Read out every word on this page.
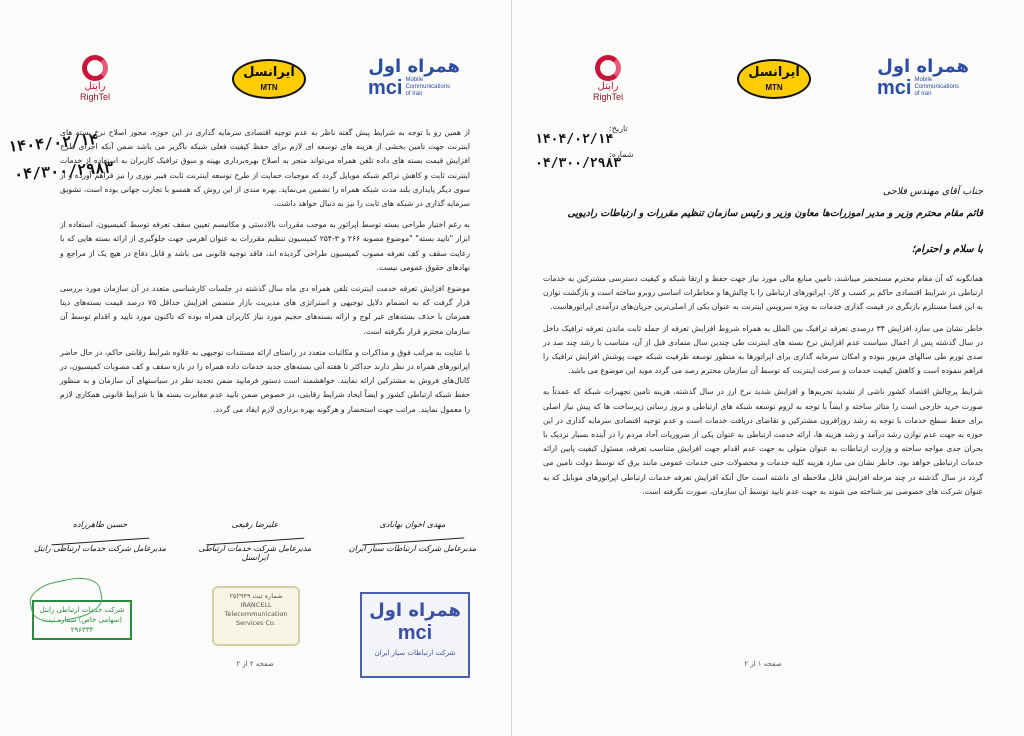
رایتل
RighTel
ایرانسل
MTN
همراه اول
mci Mobile Communications of Iran
۱۴۰۴/۰۲/۱۴
۰۴/۳۰۰/۲۹۸۳

از همین رو با توجه به شرایط پیش گفته ناظر به عدم توجیه اقتصادی سرمایه گذاری در این حوزه، مجوز اصلاح نرخ بسته های اینترنت جهت تامین بخشی از هزینه های توسعه ای لازم برای حفظ کیفیت فعلی شبکه ناگزیر می باشد ضمن آنکه اجرای طرح افزایش قیمت بسته های داده تلفن همراه می‌تواند منجر به اصلاح بهره‌برداری بهینه و سوق ترافیک کاربران به استفاده از خدمات اینترنت ثابت و کاهش تراکم شبکه موبایل گردد که موجبات حمایت از طرح توسعه اینترنت ثابت فیبر نوری را نیز فراهم آورده و از سوی دیگر پایداری بلند مدت شبکه همراه را تضمین می‌نماید. بهره مندی از این روش که همسو با تجارب جهانی بوده است، تشویق سرمایه گذاری در شبکه های ثابت را نیز به دنبال خواهد داشت.

به رغم اختیار طراحی بسته توسط اپراتور به موجب مقررات بالادستی و مکانیسم تعیین سقف تعرفه توسط کمیسیون، استفاده از ابزار "تایید بسته" "موضوع مصوبه ۲۶۶ و ۳-۲۵۴ کمیسیون تنظیم مقررات به عنوان اهرمی جهت جلوگیری از ارائه بسته هایی که با رعایت سقف و کف تعرفه مصوب کمیسیون طراحی گردیده اند، فاقد توجیه قانونی می باشد و قابل دفاع در هیچ یک از مراجع و نهادهای حقوق عمومی نیست.

موضوع افزایش تعرفه خدمت اینترنت تلفن همراه دی ماه سال گذشته در جلسات کارشناسی متعدد در آن سازمان مورد بررسی قرار گرفت که به انضمام دلایل توجیهی و استراتژی های مدیریت بازار متضمن افزایش حداقل ۷۵ درصد قیمت بسته‌های دیتا همزمان با حذف بسته‌های غیر لوج و ارائه بسته‌های حجیم مورد نیاز کاربران همراه بوده که تاکنون مورد تایید و اقدام توسط آن سازمان محترم قرار نگرفته است.

با عنایت به مراتب فوق و مذاکرات و مکاتبات متعدد در راستای ارائه مستندات توجیهی به علاوه شرایط رقابتی حاکم، در حال حاضر اپراتورهای همراه در نظر دارند حداکثر تا هفته آتی بسته‌های جدید خدمات داده همراه را در بازه سقف و کف مصوبات کمیسیون، در کانال‌های فروش به مشترکین ارائه نمایند. خواهشمند است دستور فرمایید ضمن تجدید نظر در سیاستهای آن سازمان و به منظور حفظ شبکه ارتباطی کشور و ایضاً ایجاد شرایط رقابتی، در خصوص ضمن تایید عدم مغایرت بسته ها با شرایط قانونی همکاری لازم را معمول نمایند. مراتب جهت استحضار و هرگونه بهره برداری لازم ایفاد می گردد.

حسین طاهرزاده
مدیرعامل شرکت خدمات ارتباطی رایتل
علیرضا رفیعی
مدیرعامل شرکت خدمات ارتباطی ایرانسل
مهدی اخوان بهابادی
مدیرعامل شرکت ارتباطات سیار ایران
شرکت خدمات ارتباطی رایتل (سهامی خاص) شماره ثبت: ۲۹۶۳۳۴
شماره ثبت ۲۵۲۹۴۹
IRANCELL Telecommunication Services Co.
همراه اول
mci
شرکت ارتباطات سیار ایران
صفحه ۲ از ۲
رایتل
RighTel
ایرانسل
MTN
همراه اول
mci Mobile Communications of Iran
تاریخ:
شماره:
۱۴۰۴/۰۲/۱۴
۰۴/۳۰۰/۲۹۸۳
جناب آقای مهندس فلاحی
قائم مقام محترم وزیر و مدیر اموزرات‌ها معاون وزیر و رئیس سازمان تنظیم مقررات و ارتباطات رادیویی
با سلام و احترام؛

همانگونه که آن مقام محترم مستحضر میباشند، تامین منابع مالی مورد نیاز جهت حفظ و ارتقا شبکه و کیفیت دسترسی مشترکین به خدمات ارتباطی در شرایط اقتصادی حاکم بر کسب و کار، اپراتورهای ارتباطی را با چالش‌ها و مخاطرات اساسی روبرو ساخته است و بازگشت توازن به این فضا مستلزم بازنگری در قیمت گذاری خدمات به ویژه سرویس اینترنت به عنوان یکی از اصلی‌ترین جریان‌های درآمدی اپراتورهاست.

خاطر نشان می سازد افزایش ۳۴ درصدی تعرفه ترافیک بین الملل به همراه شروط افزایش تعرفه از جمله ثابت ماندن تعرفه ترافیک داخل در سال گذشته پس از اعمال سیاست عدم افزایش نرخ بسته های اینترنت طی چندین سال متمادی قبل از آن، متناسب با رشد چند صد در صدی تورم طی سالهای مزبور نبوده و امکان سرمایه گذاری برای اپراتورها به منظور توسعه ظرفیت شبکه جهت پوشش افزایش ترافیک را فراهم ننموده است و کاهش کیفیت خدمات و سرعت اینترنت که توسط آن سازمان محترم رصد می گردد موید این موضوع می باشد.

شرایط پرچالش اقتصاد کشور ناشی از تشدید تحریم‌ها و افزایش شدید نرخ ارز در سال گذشته، هزینه تامین تجهیزات شبکه که عمدتاً به صورت خرید خارجی است را متاثر ساخته و ایضاً با توجه به لزوم توسعه شبکه های ارتباطی و بروز رسانی زیرساخت ها که پیش نیاز اصلی برای حفظ سطح خدمات با توجه به رشد روزافزون مشترکین و تقاضای دریافت خدمات است و عدم توجیه اقتصادی سرمایه گذاری در این حوزه به جهت عدم توازن رشد درآمد و رشد هزینه ها، ارائه خدمت ارتباطی به عنوان یکی از ضروریات آحاد مردم را در آینده بسیار نزدیک با بحران جدی مواجه ساخته و وزارت ارتباطات به عنوان متولی به جهت عدم اقدام جهت افزایش متناسب تعرفه، مسئول کیفیت پایین ارائه خدمات ارتباطی خواهد بود. خاطر نشان می سازد هزینه کلیه خدمات و محصولات حتی خدمات عمومی مانند برق که توسط دولت تامین می گردد در سال گذشته در چند مرحله افزایش قابل ملاحظه ای داشته است حال آنکه افزایش تعرفه خدمات ارتباطی اپراتورهای موبایل که به عنوان شرکت های خصوصی نیز شناخته می شوند به جهت عدم تایید توسط آن سازمان، صورت نگرفته است.

صفحه ۱ از ۲
